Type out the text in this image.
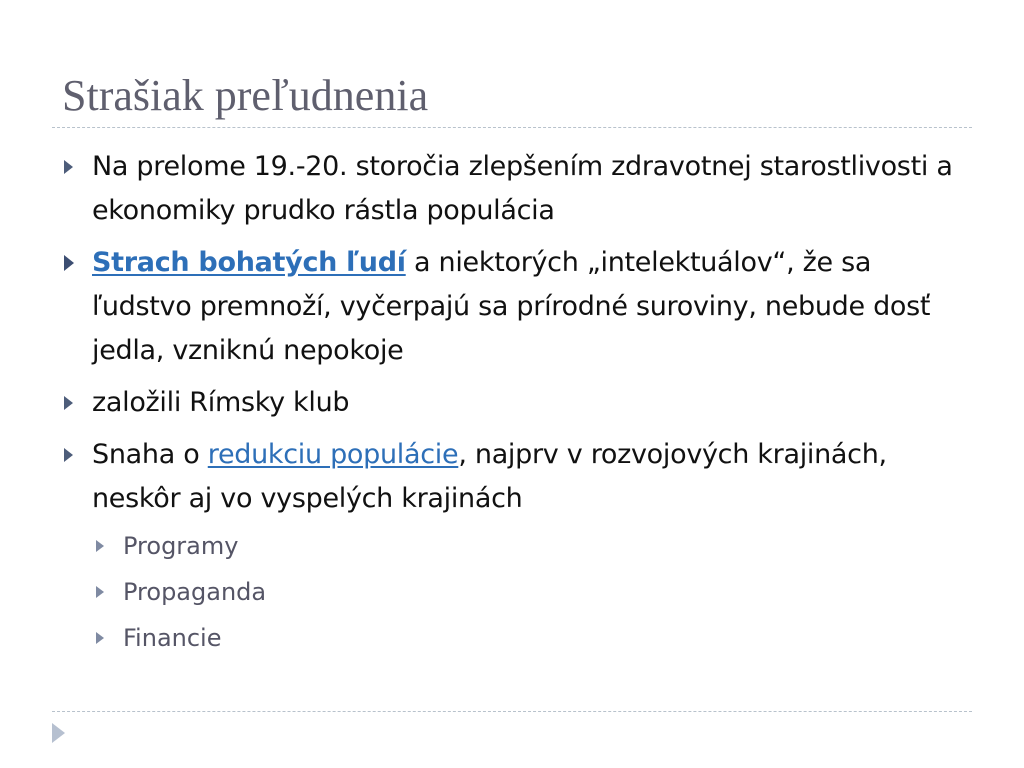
Strašiak preľudnenia
Na prelome 19.-20. storočia zlepšením zdravotnej starostlivosti a ekonomiky prudko rástla populácia
Strach bohatých ľudí a niektorých „intelektuálov“, že sa ľudstvo premnoží, vyčerpajú sa prírodné suroviny, nebude dosť jedla, vzniknú nepokoje
založili Rímsky klub
Snaha o redukciu populácie, najprv v rozvojových krajinách, neskôr aj vo vyspelých krajinách
Programy
Propaganda
Financie
